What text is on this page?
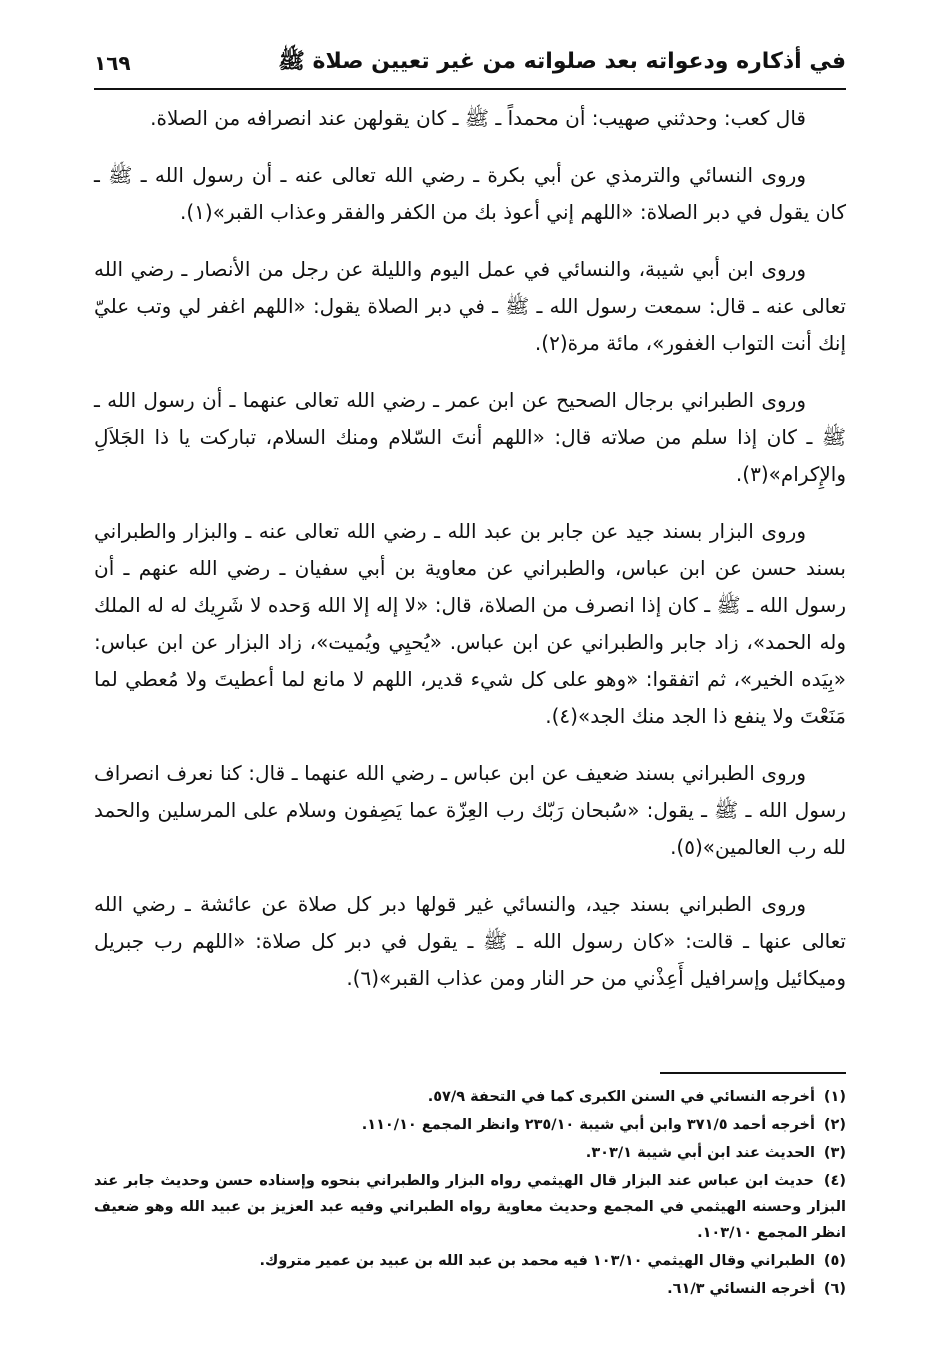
في أذكاره ودعواته بعد صلواته من غير تعيين صلاة ﷺ
١٦٩

قال كعب: وحدثني صهيب: أن محمداً ـ ﷺ ـ كان يقولهن عند انصرافه من الصلاة.

وروى النسائي والترمذي عن أبي بكرة ـ رضي الله تعالى عنه ـ أن رسول الله ـ ﷺ ـ كان يقول في دبر الصلاة: «اللهم إني أعوذ بك من الكفر والفقر وعذاب القبر»(١).

وروى ابن أبي شيبة، والنسائي في عمل اليوم والليلة عن رجل من الأنصار ـ رضي الله تعالى عنه ـ قال: سمعت رسول الله ـ ﷺ ـ في دبر الصلاة يقول: «اللهم اغفر لي وتب عليّ إنك أنت التواب الغفور»، مائة مرة(٢).

وروى الطبراني برجال الصحيح عن ابن عمر ـ رضي الله تعالى عنهما ـ أن رسول الله ـ ﷺ ـ كان إذا سلم من صلاته قال: «اللهم أنتَ السّلام ومنك السلام، تباركت يا ذا الجَلاَلِ والإِكرام»(٣).

وروى البزار بسند جيد عن جابر بن عبد الله ـ رضي الله تعالى عنه ـ والبزار والطبراني بسند حسن عن ابن عباس، والطبراني عن معاوية بن أبي سفيان ـ رضي الله عنهم ـ أن رسول الله ـ ﷺ ـ كان إذا انصرف من الصلاة، قال: «لا إله إلا الله وَحده لا شَرِيك له له الملك وله الحمد»، زاد جابر والطبراني عن ابن عباس. «يُحيِي ويُميت»، زاد البزار عن ابن عباس: «بِيَده الخير»، ثم اتفقوا: «وهو على كل شيء قدير، اللهم لا مانع لما أعطيتَ ولا مُعطي لما مَنَعْتَ ولا ينفع ذا الجد منك الجد»(٤).

وروى الطبراني بسند ضعيف عن ابن عباس ـ رضي الله عنهما ـ قال: كنا نعرف انصراف رسول الله ـ ﷺ ـ يقول: «سُبحان رَبّك رب العِزّة عما يَصِفون وسلام على المرسلين والحمد لله رب العالمين»(٥).

وروى الطبراني بسند جيد، والنسائي غير قولها دبر كل صلاة عن عائشة ـ رضي الله تعالى عنها ـ قالت: «كان رسول الله ـ ﷺ ـ يقول في دبر كل صلاة: «اللهم رب جبريل وميكائيل وإسرافيل أَعِذْني من حر النار ومن عذاب القبر»(٦).

(١) أخرجه النسائي في السنن الكبرى كما في التحفة ٥٧/٩.

(٢) أخرجه أحمد ٣٧١/٥ وابن أبي شيبة ٢٣٥/١٠ وانظر المجمع ١١٠/١٠.

(٣) الحديث عند ابن أبي شيبة ٣٠٣/١.

(٤) حديث ابن عباس عند البزار قال الهيثمي رواه البزار والطبراني بنحوه وإسناده حسن وحديث جابر عند البزار وحسنه الهيثمي في المجمع وحديث معاوية رواه الطبراني وفيه عبد العزيز بن عبيد الله وهو ضعيف انظر المجمع ١٠٣/١٠.

(٥) الطبراني وقال الهيثمي ١٠٣/١٠ فيه محمد بن عبد الله بن عبيد بن عمير متروك.

(٦) أخرجه النسائي ٦١/٣.
